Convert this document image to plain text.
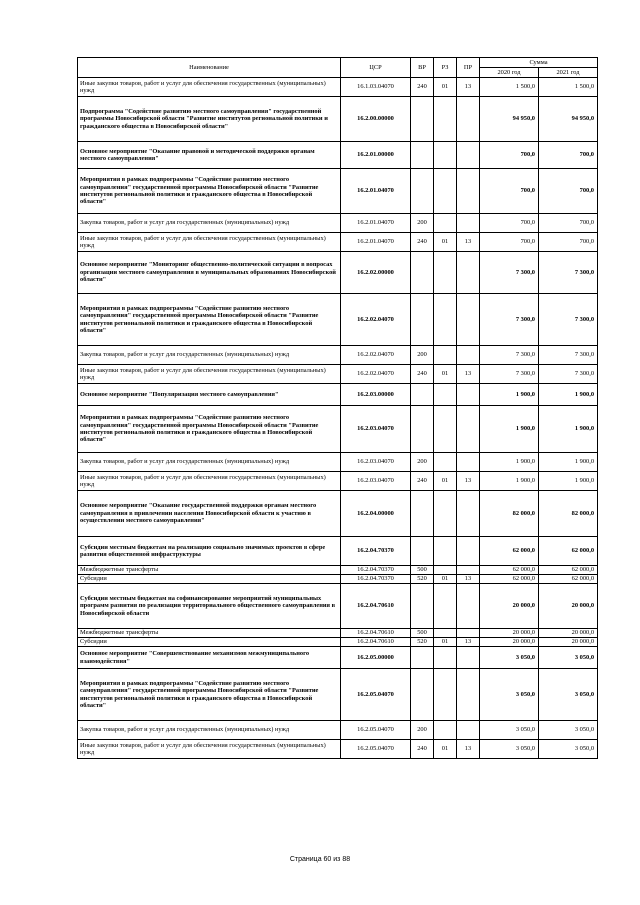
Наименование	ЦСР	ВР	РЗ	ПР	Сумма	
					2020 год	2021 год
Иные закупки товаров, работ и услуг для обеспечения государственных (муниципальных) нужд	16.1.03.04070	240	01	13	1 500,0	1 500,0
Подпрограмма "Содействие развитию местного самоуправления" государственной программы Новосибирской области "Развитие институтов региональной политики и гражданского общества в Новосибирской области"	16.2.00.00000				94 950,0	94 950,0
Основное мероприятие "Оказание правовой и методической поддержки органам местного самоуправления"	16.2.01.00000				700,0	700,0
Мероприятия в рамках подпрограммы "Содействие развитию местного самоуправления" государственной программы Новосибирской области "Развитие институтов региональной политики и гражданского общества в Новосибирской области"	16.2.01.04070				700,0	700,0
Закупка товаров, работ и услуг для государственных (муниципальных) нужд	16.2.01.04070	200			700,0	700,0
Иные закупки товаров, работ и услуг для обеспечения государственных (муниципальных) нужд	16.2.01.04070	240	01	13	700,0	700,0
Основное мероприятие "Мониторинг общественно-политической ситуации в вопросах организации местного самоуправления в муниципальных образованиях Новосибирской области"	16.2.02.00000				7 300,0	7 300,0
Мероприятия в рамках подпрограммы "Содействие развитию местного самоуправления" государственной программы Новосибирской области "Развитие институтов региональной политики и гражданского общества в Новосибирской области"	16.2.02.04070				7 300,0	7 300,0
Закупка товаров, работ и услуг для государственных (муниципальных) нужд	16.2.02.04070	200			7 300,0	7 300,0
Иные закупки товаров, работ и услуг для обеспечения государственных (муниципальных) нужд	16.2.02.04070	240	01	13	7 300,0	7 300,0
Основное мероприятие "Популяризация местного самоуправления"	16.2.03.00000				1 900,0	1 900,0
Мероприятия в рамках подпрограммы "Содействие развитию местного самоуправления" государственной программы Новосибирской области "Развитие институтов региональной политики и гражданского общества в Новосибирской области"	16.2.03.04070				1 900,0	1 900,0
Закупка товаров, работ и услуг для государственных (муниципальных) нужд	16.2.03.04070	200			1 900,0	1 900,0
Иные закупки товаров, работ и услуг для обеспечения государственных (муниципальных) нужд	16.2.03.04070	240	01	13	1 900,0	1 900,0
Основное мероприятие "Оказание государственной поддержки органам местного самоуправления в привлечении населения Новосибирской области к участию в осуществлении местного самоуправления"	16.2.04.00000				82 000,0	82 000,0
Субсидии местным бюджетам на реализацию социально значимых проектов в сфере развития общественной инфраструктуры	16.2.04.70370				62 000,0	62 000,0
Межбюджетные трансферты	16.2.04.70370	500			62 000,0	62 000,0
Субсидии	16.2.04.70370	520	01	13	62 000,0	62 000,0
Субсидии местным бюджетам на софинансирование мероприятий муниципальных программ развития по реализации территориального общественного самоуправления в Новосибирской области	16.2.04.70610				20 000,0	20 000,0
Межбюджетные трансферты	16.2.04.70610	500			20 000,0	20 000,0
Субсидии	16.2.04.70610	520	01	13	20 000,0	20 000,0
Основное мероприятие "Совершенствование механизмов межмуниципального взаимодействия"	16.2.05.00000				3 050,0	3 050,0
Мероприятия в рамках подпрограммы "Содействие развитию местного самоуправления" государственной программы Новосибирской области "Развитие институтов региональной политики и гражданского общества в Новосибирской области"	16.2.05.04070				3 050,0	3 050,0
Закупка товаров, работ и услуг для государственных (муниципальных) нужд	16.2.05.04070	200			3 050,0	3 050,0
Иные закупки товаров, работ и услуг для обеспечения государственных (муниципальных) нужд	16.2.05.04070	240	01	13	3 050,0	3 050,0
Страница 60 из 88
